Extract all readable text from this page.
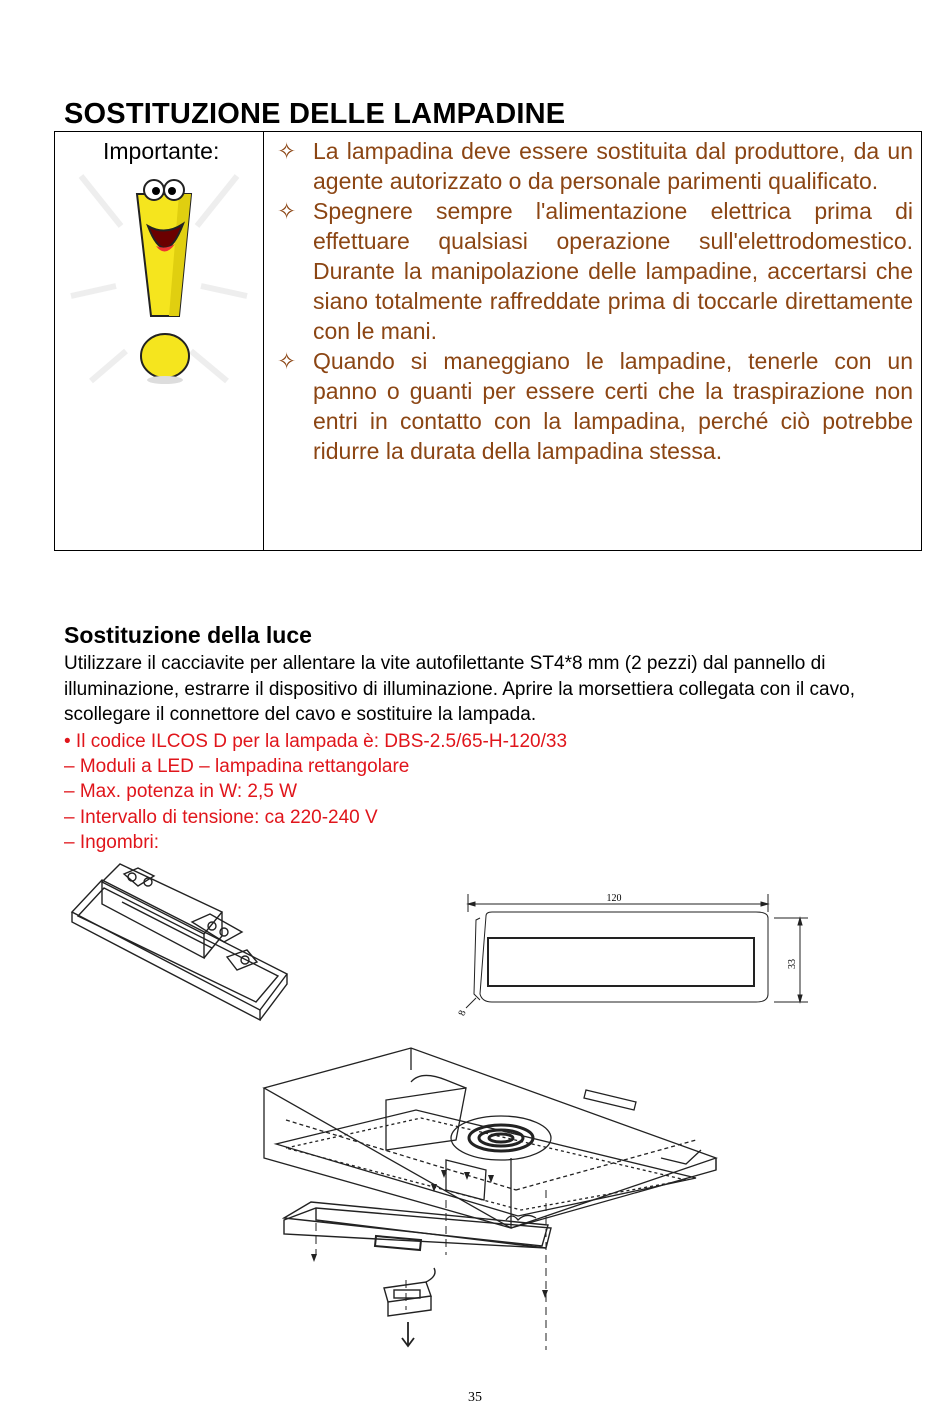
SOSTITUZIONE DELLE LAMPADINE
Importante:	✧ La lampadina deve essere sostituita dal produttore, da un agente autorizzato o da personale parimenti qualificato.
✧ Spegnere sempre l'alimentazione elettrica prima di effettuare qualsiasi operazione sull'elettrodomestico. Durante la manipolazione delle lampadine, accertarsi che siano totalmente raffreddate prima di toccarle direttamente con le mani.
✧ Quando si maneggiano le lampadine, tenerle con un panno o guanti per essere certi che la traspirazione non entri in contatto con la lampadina, perché ciò potrebbe ridurre la durata della lampadina stessa.
Sostituzione della luce
Utilizzare il cacciavite per allentare la vite autofilettante ST4*8 mm (2 pezzi) dal pannello di illuminazione, estrarre il dispositivo di illuminazione. Aprire la morsettiera collegata con il cavo, scollegare il connettore del cavo e sostituire la lampada.
• Il codice ILCOS D per la lampada è: DBS-2.5/65-H-120/33
– Moduli a LED – lampadina rettangolare
– Max. potenza in W: 2,5 W
– Intervallo di tensione: ca 220-240 V
– Ingombri:
120
33
8
35
